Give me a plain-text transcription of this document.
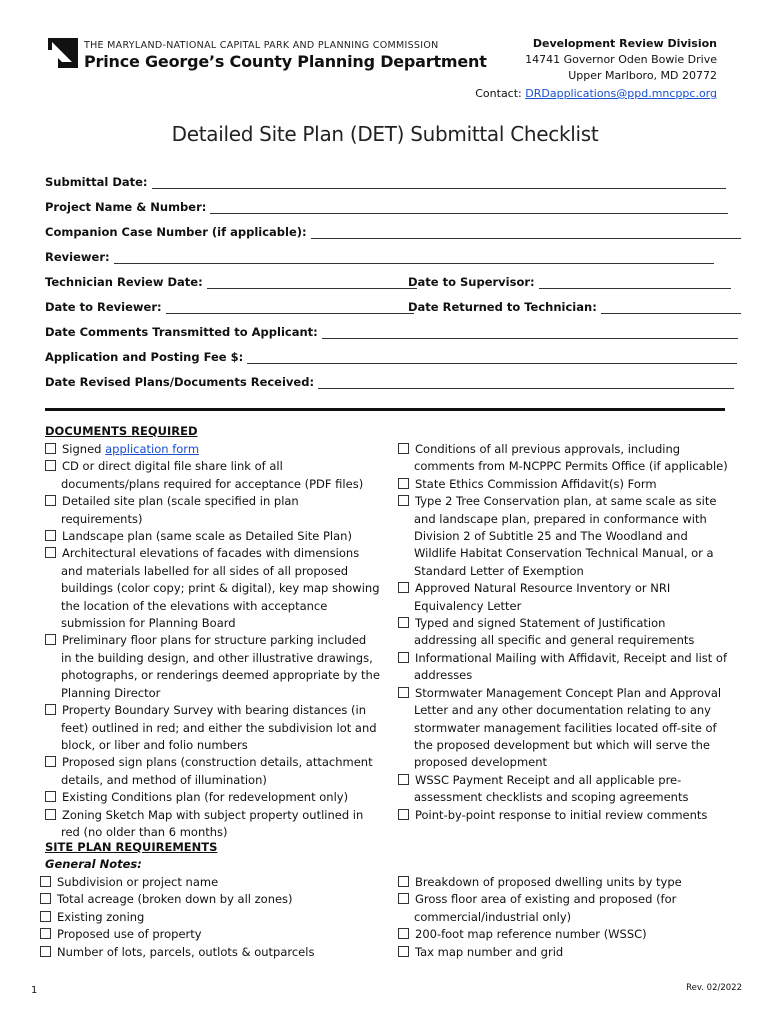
THE MARYLAND-NATIONAL CAPITAL PARK AND PLANNING COMMISSION
Prince George’s County Planning Department
Development Review Division
14741 Governor Oden Bowie Drive
Upper Marlboro, MD 20772
Contact: DRDapplications@ppd.mncppc.org
Detailed Site Plan (DET) Submittal Checklist
Submittal Date:
Project Name & Number:
Companion Case Number (if applicable):
Reviewer:
Technician Review Date:	Date to Supervisor:
Date to Reviewer:	Date Returned to Technician:
Date Comments Transmitted to Applicant:
Application and Posting Fee $:
Date Revised Plans/Documents Received:
DOCUMENTS REQUIRED
Signed application form
CD or direct digital file share link of all documents/plans required for acceptance (PDF files)
Detailed site plan (scale specified in plan requirements)
Landscape plan (same scale as Detailed Site Plan)
Architectural elevations of facades with dimensions and materials labelled for all sides of all proposed buildings (color copy; print & digital), key map showing the location of the elevations with acceptance submission for Planning Board
Preliminary floor plans for structure parking included in the building design, and other illustrative drawings, photographs, or renderings deemed appropriate by the Planning Director
Property Boundary Survey with bearing distances (in feet) outlined in red; and either the subdivision lot and block, or liber and folio numbers
Proposed sign plans (construction details, attachment details, and method of illumination)
Existing Conditions plan (for redevelopment only)
Zoning Sketch Map with subject property outlined in red (no older than 6 months)
Conditions of all previous approvals, including comments from M-NCPPC Permits Office (if applicable)
State Ethics Commission Affidavit(s) Form
Type 2 Tree Conservation plan, at same scale as site and landscape plan, prepared in conformance with Division 2 of Subtitle 25 and The Woodland and Wildlife Habitat Conservation Technical Manual, or a Standard Letter of Exemption
Approved Natural Resource Inventory or NRI Equivalency Letter
Typed and signed Statement of Justification addressing all specific and general requirements
Informational Mailing with Affidavit, Receipt and list of addresses
Stormwater Management Concept Plan and Approval Letter and any other documentation relating to any stormwater management facilities located off-site of the proposed development but which will serve the proposed development
WSSC Payment Receipt and all applicable pre-assessment checklists and scoping agreements
Point-by-point response to initial review comments
SITE PLAN REQUIREMENTS
General Notes:
Subdivision or project name
Total acreage (broken down by all zones)
Existing zoning
Proposed use of property
Number of lots, parcels, outlots & outparcels
Breakdown of proposed dwelling units by type
Gross floor area of existing and proposed (for commercial/industrial only)
200-foot map reference number (WSSC)
Tax map number and grid
1	Rev. 02/2022
